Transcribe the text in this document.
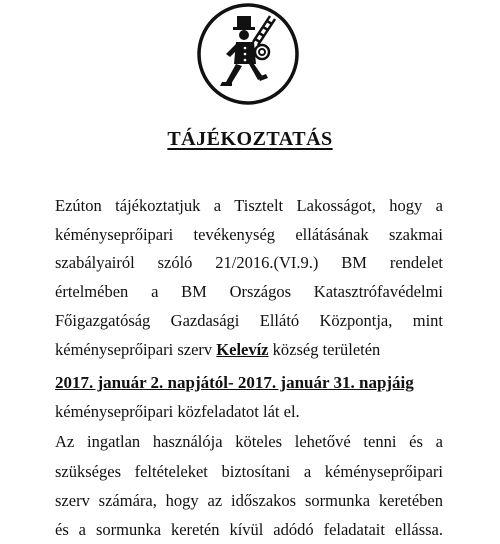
TÁJÉKOZTATÁS
Ezúton tájékoztatjuk a Tisztelt Lakosságot, hogy a
kéményseprőipari tevékenység ellátásának szakmai
szabályairól szóló 21/2016.(VI.9.) BM rendelet
értelmében a BM Országos Katasztrófavédelmi
Főigazgatóság Gazdasági Ellátó Központja, mint
kéményseprőipari szerv Kelevíz község területén
2017. január 2. napjától- 2017. január 31. napjáig
kéményseprőipari közfeladatot lát el.
Az ingatlan használója köteles lehetővé tenni és a
szükséges feltételeket biztosítani a kéményseprőipari
szerv számára, hogy az időszakos sormunka keretében
és a sormunka keretén kívül adódó feladatait ellássa.
